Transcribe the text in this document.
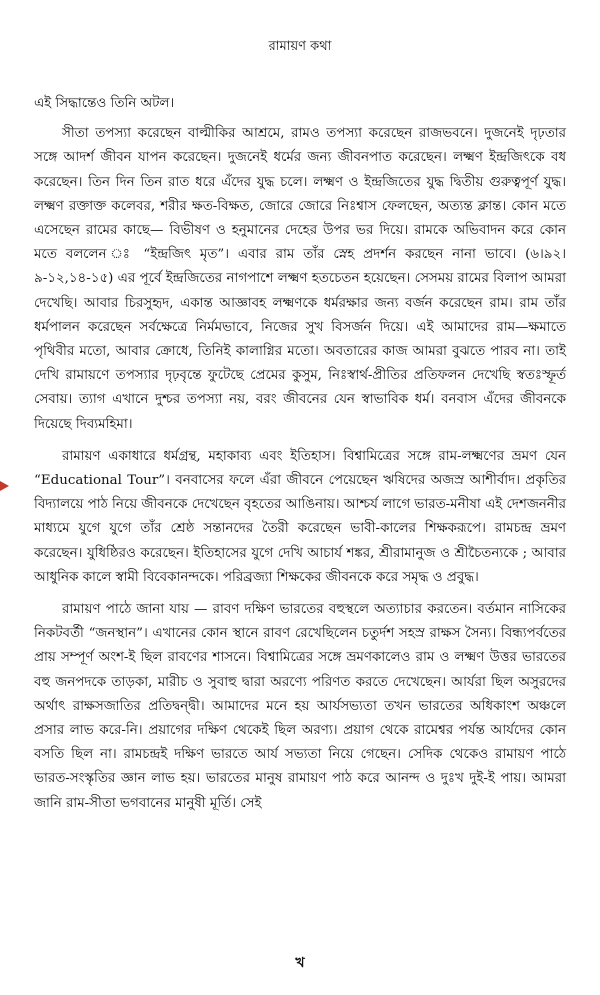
রামায়ণ কথা

এই সিদ্ধান্তেও তিনি অটল।

সীতা তপস্যা করেছেন বাল্মীকির আশ্রমে, রামও তপস্যা করেছেন রাজভবনে। দুজনেই দৃঢ়তার সঙ্গে আদর্শ জীবন যাপন করেছেন। দুজনেই ধর্মের জন্য জীবনপাত করেছেন। লক্ষ্মণ ইন্দ্রজিৎকে বধ করেছেন। তিন দিন তিন রাত ধরে এঁদের যুদ্ধ চলে। লক্ষ্মণ ও ইন্দ্রজিতের যুদ্ধ দ্বিতীয় গুরুত্বপূর্ণ যুদ্ধ। লক্ষ্মণ রক্তাক্ত কলেবর, শরীর ক্ষত-বিক্ষত, জোরে জোরে নিঃশ্বাস ফেলছেন, অত্যন্ত ক্লান্ত। কোন মতে এসেছেন রামের কাছে— বিভীষণ ও হনুমানের দেহের উপর ভর দিয়ে। রামকে অভিবাদন করে কোন মতে বললেন ঃ “ইন্দ্রজিৎ মৃত”। এবার রাম তাঁর স্নেহ প্রদর্শন করছেন নানা ভাবে। (৬।৯২।৯-১২,১৪-১৫) এর পূর্বে ইন্দ্রজিতের নাগপাশে লক্ষ্মণ হতচেতন হয়েছেন। সেসময় রামের বিলাপ আমরা দেখেছি। আবার চিরসুহৃদ, একান্ত আজ্ঞাবহ লক্ষ্মণকে ধর্মরক্ষার জন্য বর্জন করেছেন রাম। রাম তাঁর ধর্মপালন করেছেন সর্বক্ষেত্রে নির্মমভাবে, নিজের সুখ বিসর্জন দিয়ে। এই আমাদের রাম—ক্ষমাতে পৃথিবীর মতো, আবার ক্রোধে, তিনিই কালাগ্নির মতো। অবতারের কাজ আমরা বুঝতে পারব না। তাই দেখি রামায়ণে তপস্যার দৃঢ়বৃন্তে ফুটেছে প্রেমের কুসুম, নিঃস্বার্থ-প্রীতির প্রতিফলন দেখেছি স্বতঃস্ফূর্ত সেবায়। ত্যাগ এখানে দুশ্চর তপস্যা নয়, বরং জীবনের যেন স্বাভাবিক ধর্ম। বনবাস এঁদের জীবনকে দিয়েছে দিব্যমহিমা।

রামায়ণ একাধারে ধর্মগ্রন্থ, মহাকাব্য এবং ইতিহাস। বিশ্বামিত্রের সঙ্গে রাম-লক্ষ্মণের ভ্রমণ যেন “Educational Tour”। বনবাসের ফলে এঁরা জীবনে পেয়েছেন ঋষিদের অজস্র আশীর্বাদ। প্রকৃতির বিদ্যালয়ে পাঠ নিয়ে জীবনকে দেখেছেন বৃহতের আঙিনায়। আশ্চর্য লাগে ভারত-মনীষা এই দেশজননীর মাধ্যমে যুগে যুগে তাঁর শ্রেষ্ঠ সন্তানদের তৈরী করেছেন ভাবী-কালের শিক্ষকরূপে। রামচন্দ্র ভ্রমণ করেছেন। যুধিষ্ঠিরও করেছেন। ইতিহাসের যুগে দেখি আচার্য শঙ্কর, শ্রীরামানুজ ও শ্রীচৈতন্যকে ; আবার আধুনিক কালে স্বামী বিবেকানন্দকে। পরিব্রজ্যা শিক্ষকের জীবনকে করে সমৃদ্ধ ও প্রবুদ্ধ।

রামায়ণ পাঠে জানা যায় — রাবণ দক্ষিণ ভারতের বহুস্থলে অত্যাচার করতেন। বর্তমান নাসিকের নিকটবর্তী “জনস্থান”। এখানের কোন স্থানে রাবণ রেখেছিলেন চতুর্দশ সহস্র রাক্ষস সৈন্য। বিন্ধ্যপর্বতের প্রায় সম্পূর্ণ অংশ-ই ছিল রাবণের শাসনে। বিশ্বামিত্রের সঙ্গে ভ্রমণকালেও রাম ও লক্ষ্মণ উত্তর ভারতের বহু জনপদকে তাড়কা, মারীচ ও সুবাহু দ্বারা অরণ্যে পরিণত করতে দেখেছেন। আর্যরা ছিল অসুরদের অর্থাৎ রাক্ষসজাতির প্রতিদ্বন্দ্বী। আমাদের মনে হয় আর্যসভ্যতা তখন ভারতের অধিকাংশ অঞ্চলে প্রসার লাভ করে-নি। প্রয়াগের দক্ষিণ থেকেই ছিল অরণ্য। প্রয়াগ থেকে রামেশ্বর পর্যন্ত আর্যদের কোন বসতি ছিল না। রামচন্দ্রই দক্ষিণ ভারতে আর্য সভ্যতা নিয়ে গেছেন। সেদিক থেকেও রামায়ণ পাঠে ভারত-সংস্কৃতির জ্ঞান লাভ হয়। ভারতের মানুষ রামায়ণ পাঠ করে আনন্দ ও দুঃখ দুই-ই পায়। আমরা জানি রাম-সীতা ভগবানের মানুষী মূর্তি। সেই

খ
